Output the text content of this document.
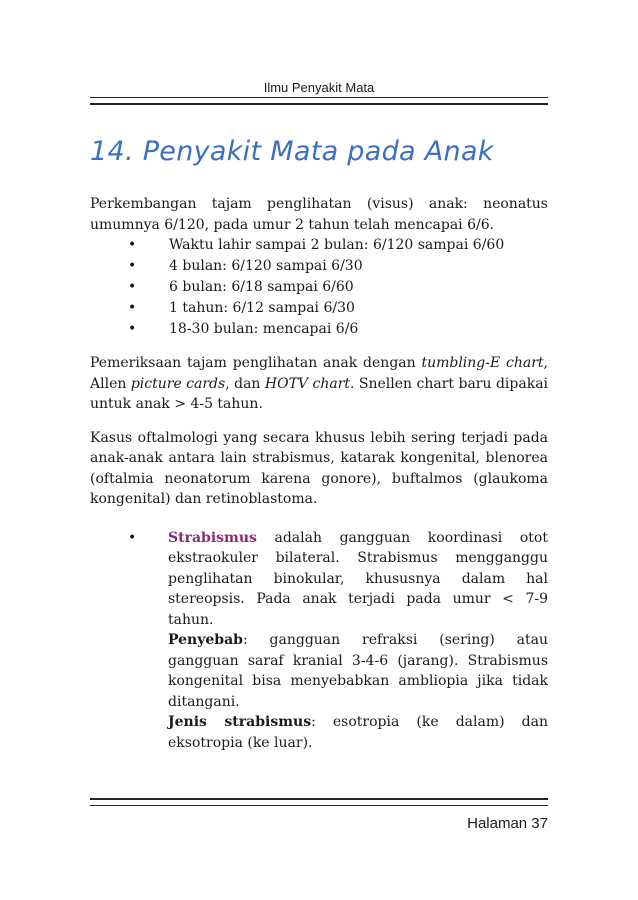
Ilmu Penyakit Mata
14. Penyakit Mata pada Anak

Perkembangan tajam penglihatan (visus) anak: neonatus umumnya 6/120, pada umur 2 tahun telah mencapai 6/6.

• Waktu lahir sampai 2 bulan: 6/120 sampai 6/60
• 4 bulan: 6/120 sampai 6/30
• 6 bulan: 6/18 sampai 6/60
• 1 tahun: 6/12 sampai 6/30
• 18-30 bulan: mencapai 6/6

Pemeriksaan tajam penglihatan anak dengan tumbling-E chart, Allen picture cards, dan HOTV chart. Snellen chart baru dipakai untuk anak > 4-5 tahun.

Kasus oftalmologi yang secara khusus lebih sering terjadi pada anak-anak antara lain strabismus, katarak kongenital, blenorea (oftalmia neonatorum karena gonore), buftalmos (glaukoma kongenital) dan retinoblastoma.

• Strabismus adalah gangguan koordinasi otot ekstraokuler bilateral. Strabismus mengganggu penglihatan binokular, khususnya dalam hal stereopsis. Pada anak terjadi pada umur < 7-9 tahun.
Penyebab: gangguan refraksi (sering) atau gangguan saraf kranial 3-4-6 (jarang). Strabismus kongenital bisa menyebabkan ambliopia jika tidak ditangani.
Jenis strabismus: esotropia (ke dalam) dan eksotropia (ke luar).
Halaman 37
